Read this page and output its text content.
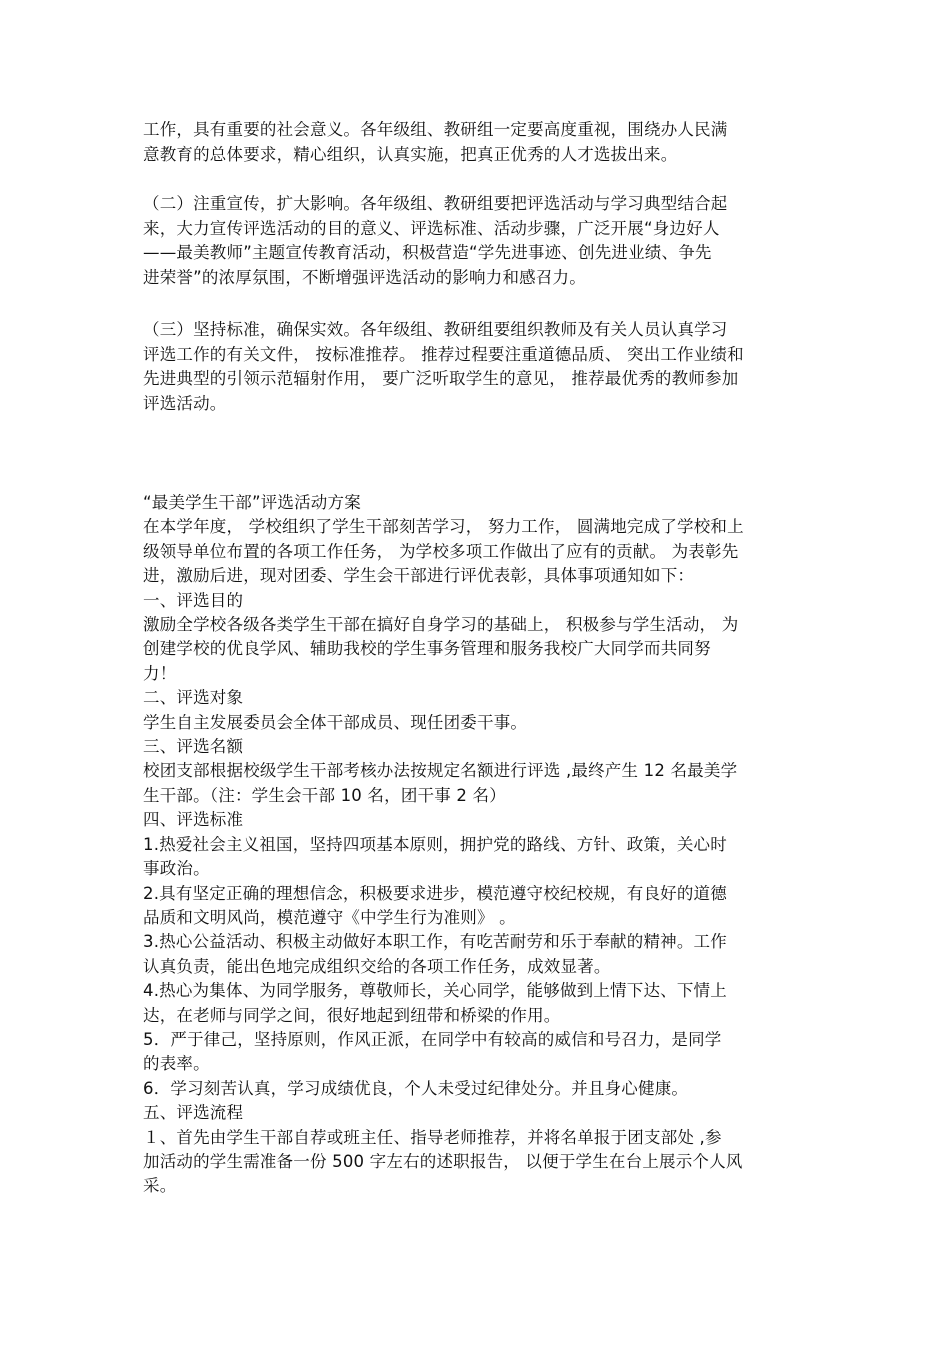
工作，具有重要的社会意义。各年级组、教研组一定要高度重视，围绕办人民满
意教育的总体要求，精心组织，认真实施，把真正优秀的人才选拔出来。
（二）注重宣传，扩大影响。各年级组、教研组要把评选活动与学习典型结合起
来，大力宣传评选活动的目的意义、评选标准、活动步骤，广泛开展“身边好人
——最美教师”主题宣传教育活动，积极营造“学先进事迹、创先进业绩、争先
进荣誉”的浓厚氛围，不断增强评选活动的影响力和感召力。
（三）坚持标准，确保实效。各年级组、教研组要组织教师及有关人员认真学习
评选工作的有关文件， 按标准推荐。 推荐过程要注重道德品质、 突出工作业绩和
先进典型的引领示范辐射作用， 要广泛听取学生的意见， 推荐最优秀的教师参加
评选活动。
“最美学生干部”评选活动方案
在本学年度， 学校组织了学生干部刻苦学习， 努力工作， 圆满地完成了学校和上
级领导单位布置的各项工作任务， 为学校多项工作做出了应有的贡献。 为表彰先
进，激励后进，现对团委、学生会干部进行评优表彰，具体事项通知如下：
一、评选目的
激励全学校各级各类学生干部在搞好自身学习的基础上， 积极参与学生活动， 为
创建学校的优良学风、辅助我校的学生事务管理和服务我校广大同学而共同努
力！
二、评选对象
学生自主发展委员会全体干部成员、现任团委干事。
三、评选名额
校团支部根据校级学生干部考核办法按规定名额进行评选 ,最终产生 12 名最美学
生干部。（注：学生会干部 10 名，团干事 2 名）
四、评选标准
1.热爱社会主义祖国，坚持四项基本原则，拥护党的路线、方针、政策，关心时
事政治。
2.具有坚定正确的理想信念，积极要求进步，模范遵守校纪校规，有良好的道德
品质和文明风尚，模范遵守《中学生行为准则》 。
3.热心公益活动、积极主动做好本职工作，有吃苦耐劳和乐于奉献的精神。工作
认真负责，能出色地完成组织交给的各项工作任务，成效显著。
4.热心为集体、为同学服务，尊敬师长，关心同学，能够做到上情下达、下情上
达，在老师与同学之间，很好地起到纽带和桥梁的作用。
5．严于律己，坚持原则，作风正派，在同学中有较高的威信和号召力，是同学
的表率。
6．学习刻苦认真，学习成绩优良，个人未受过纪律处分。并且身心健康。
五、评选流程
１、首先由学生干部自荐或班主任、指导老师推荐，并将名单报于团支部处 ,参
加活动的学生需准备一份 500 字左右的述职报告， 以便于学生在台上展示个人风
采。
